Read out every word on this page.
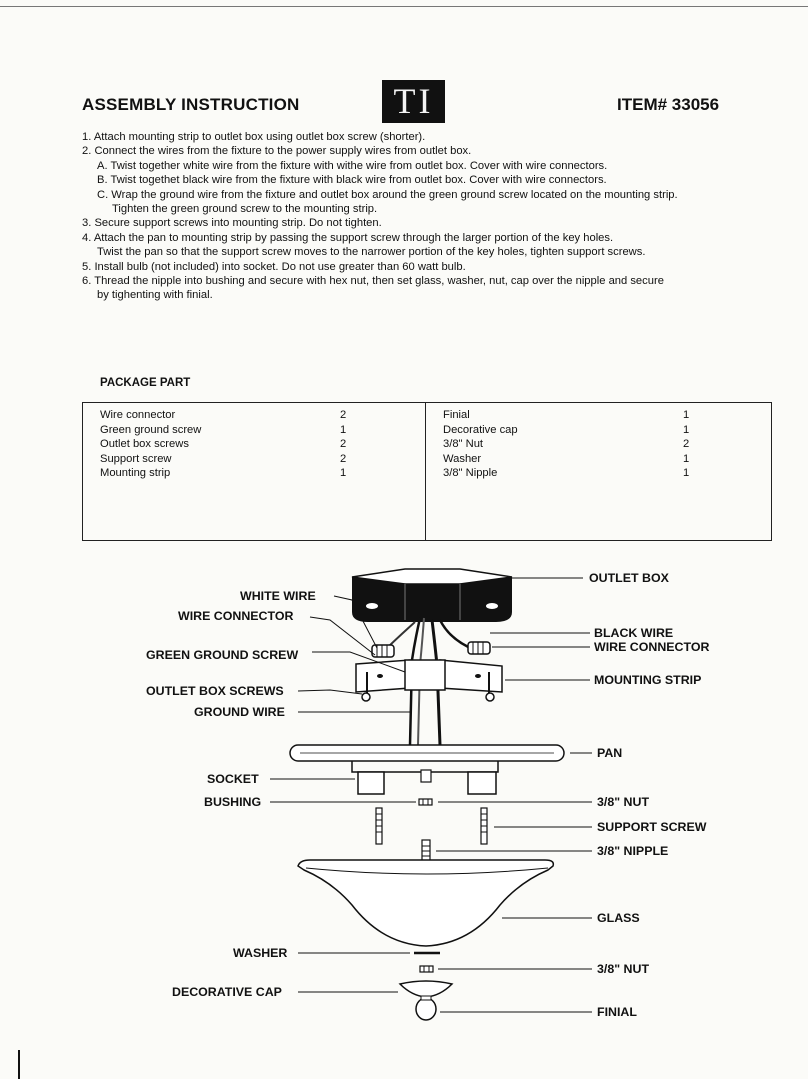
ASSEMBLY INSTRUCTION	TI	ITEM# 33056
1. Attach mounting strip to outlet box using outlet box screw (shorter).
2. Connect the wires from the fixture to the power supply wires from outlet box.
A. Twist together white wire from the fixture with withe wire from outlet box. Cover with wire connectors.
B. Twist togethet black wire from the fixture with black wire from outlet box. Cover with wire connectors.
C. Wrap the ground wire from the fixture and outlet box around the green ground screw located on the mounting strip.
Tighten the green ground screw to the mounting strip.
3. Secure support screws into mounting strip. Do not tighten.
4. Attach the pan to mounting strip by passing the support screw through the larger portion of the key holes.
Twist the pan so that the support screw moves to the narrower portion of the key holes, tighten support screws.
5. Install bulb (not included) into socket. Do not use greater than 60 watt bulb.
6. Thread the nipple into bushing and secure with hex nut, then set glass, washer, nut, cap over the nipple and secure
by tighenting with finial.
PACKAGE PART
Wire connector	2
Green ground screw	1
Outlet box screws	2
Support screw	2
Mounting strip	1
Finial	1
Decorative cap	1
3/8" Nut	2
Washer	1
3/8" Nipple	1
OUTLET BOX
WHITE WIRE
WIRE CONNECTOR
BLACK WIRE
WIRE CONNECTOR
GREEN GROUND SCREW
MOUNTING STRIP
OUTLET BOX SCREWS
GROUND WIRE
PAN
SOCKET
BUSHING	3/8" NUT
SUPPORT SCREW
3/8" NIPPLE
GLASS
WASHER
3/8" NUT
DECORATIVE CAP
FINIAL
